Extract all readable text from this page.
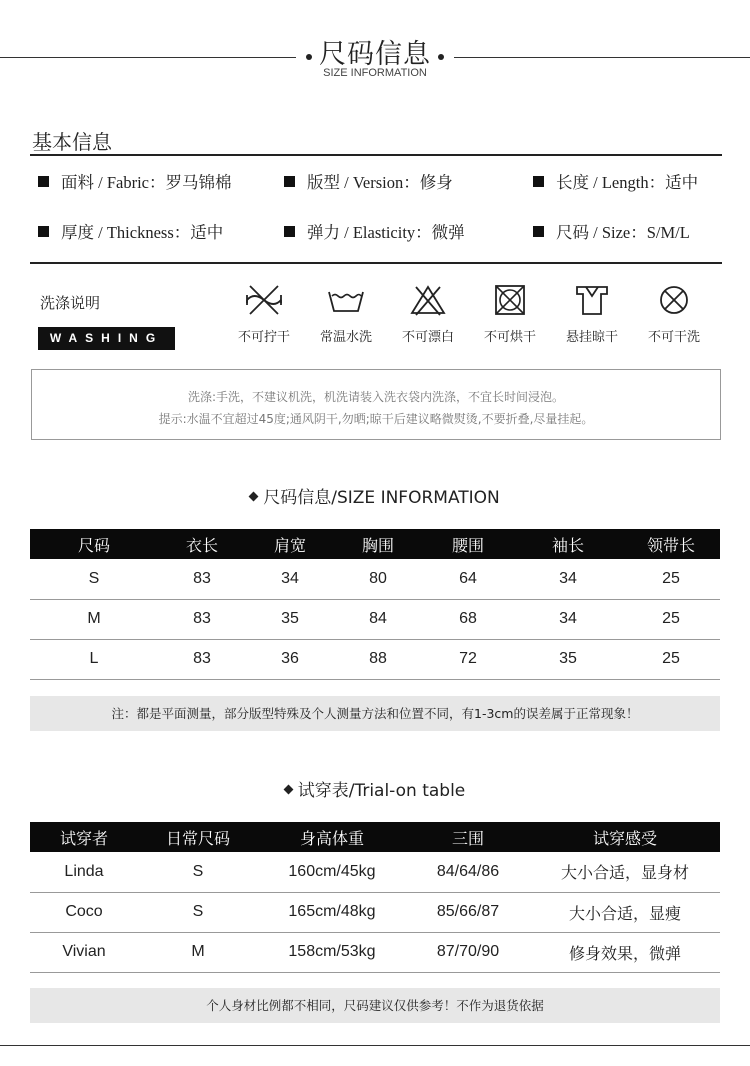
尺码信息
SIZE INFORMATION
基本信息
面料 / Fabric：罗马锦棉	版型 / Version：修身	长度 / Length：适中
厚度 / Thickness：适中	弹力 / Elasticity：微弹	尺码 / Size：S/M/L
洗涤说明
WASHING	不可拧干	常温水洗	不可漂白	不可烘干	悬挂晾干	不可干洗
洗涤:手洗，不建议机洗，机洗请装入洗衣袋内洗涤，不宜长时间浸泡。
提示:水温不宜超过45度;通风阴干,勿晒;晾干后建议略微熨烫,不要折叠,尽量挂起。
尺码信息/SIZE INFORMATION
尺码	衣长	肩宽	胸围	腰围	袖长	领带长
S	83	34	80	64	34	25
M	83	35	84	68	34	25
L	83	36	88	72	35	25
注：都是平面测量，部分版型特殊及个人测量方法和位置不同，有1-3cm的误差属于正常现象！
试穿表/Trial-on table
试穿者	日常尺码	身高体重	三围	试穿感受
Linda	S	160cm/45kg	84/64/86	大小合适，显身材
Coco	S	165cm/48kg	85/66/87	大小合适，显瘦
Vivian	M	158cm/53kg	87/70/90	修身效果，微弹
个人身材比例都不相同，尺码建议仅供参考！不作为退货依据
